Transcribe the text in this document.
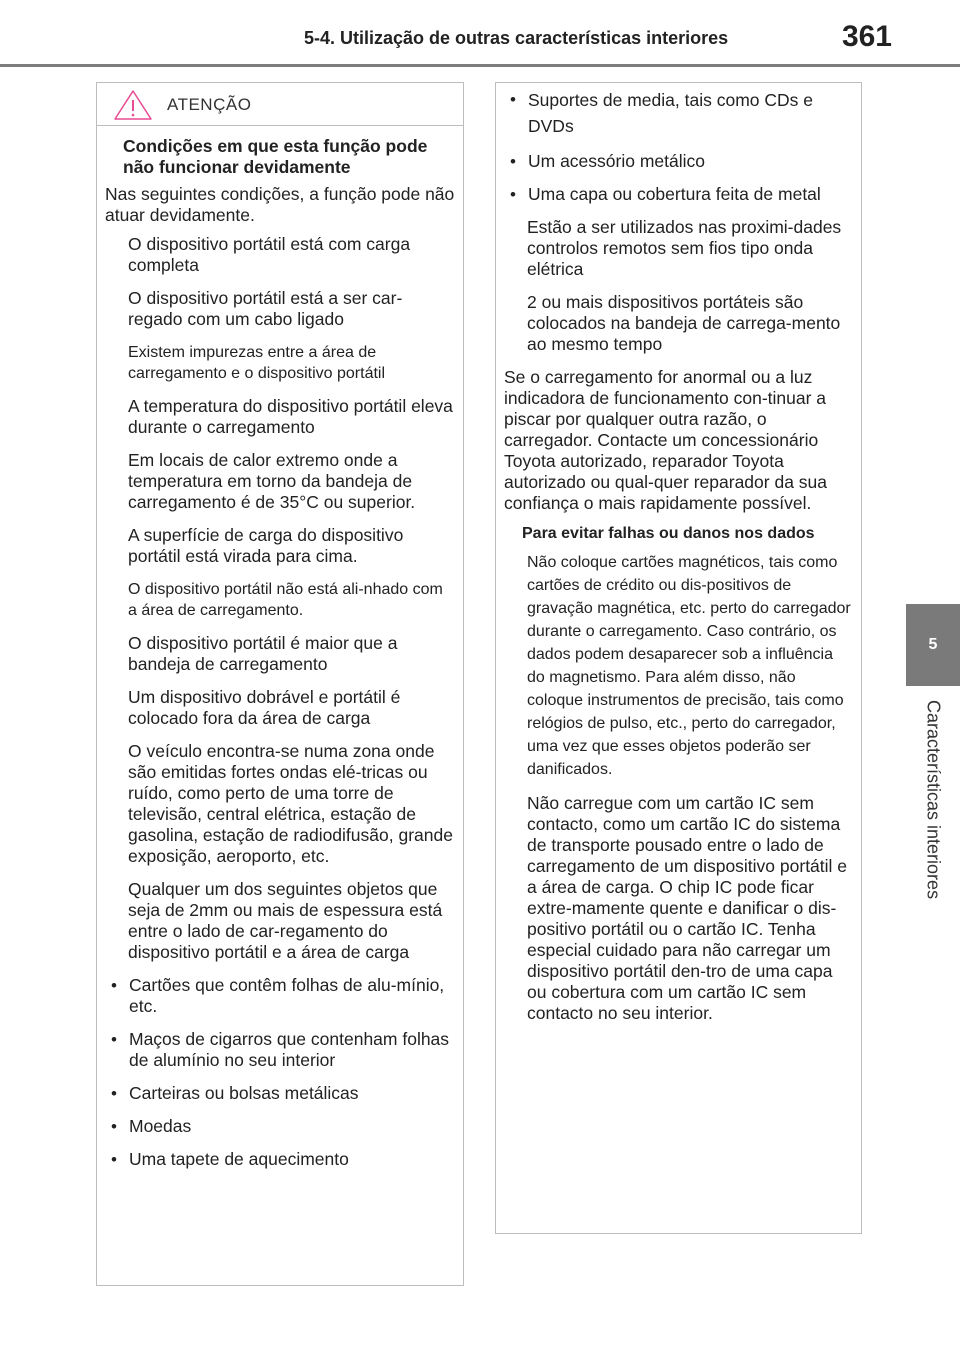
5-4. Utilização de outras características interiores	361
5
Características interiores
ATENÇÃO
Condições em que esta função pode não funcionar devidamente
Nas seguintes condições, a função pode não atuar devidamente.
O dispositivo portátil está com carga completa
O dispositivo portátil está a ser car-regado com um cabo ligado
Existem impurezas entre a área de carregamento e o dispositivo portátil
A temperatura do dispositivo portátil eleva durante o carregamento
Em locais de calor extremo onde a temperatura em torno da bandeja de carregamento é de 35°C ou superior.
A superfície de carga do dispositivo portátil está virada para cima.
O dispositivo portátil não está ali-nhado com a área de carregamento.
O dispositivo portátil é maior que a bandeja de carregamento
Um dispositivo dobrável e portátil é colocado fora da área de carga
O veículo encontra-se numa zona onde são emitidas fortes ondas elé-tricas ou ruído, como perto de uma torre de televisão, central elétrica, estação de gasolina, estação de radiodifusão, grande exposição, aeroporto, etc.
Qualquer um dos seguintes objetos que seja de 2mm ou mais de espessura está entre o lado de car-regamento do dispositivo portátil e a área de carga
• Cartões que contêm folhas de alu-mínio, etc.
• Maços de cigarros que contenham folhas de alumínio no seu interior
• Carteiras ou bolsas metálicas
• Moedas
• Uma tapete de aquecimento
• Suportes de media, tais como CDs e DVDs
• Um acessório metálico
• Uma capa ou cobertura feita de metal
Estão a ser utilizados nas proximi-dades controlos remotos sem fios tipo onda elétrica
2 ou mais dispositivos portáteis são colocados na bandeja de carrega-mento ao mesmo tempo
Se o carregamento for anormal ou a luz indicadora de funcionamento con-tinuar a piscar por qualquer outra razão, o carregador. Contacte um concessionário Toyota autorizado, reparador Toyota autorizado ou qual-quer reparador da sua confiança o mais rapidamente possível.
Para evitar falhas ou danos nos dados
Não coloque cartões magnéticos, tais como cartões de crédito ou dis-positivos de gravação magnética, etc. perto do carregador durante o carregamento. Caso contrário, os dados podem desaparecer sob a influência do magnetismo. Para além disso, não coloque instrumentos de precisão, tais como relógios de pulso, etc., perto do carregador, uma vez que esses objetos poderão ser danificados.
Não carregue com um cartão IC sem contacto, como um cartão IC do sistema de transporte pousado entre o lado de carregamento de um dispositivo portátil e a área de carga. O chip IC pode ficar extre-mamente quente e danificar o dis-positivo portátil ou o cartão IC. Tenha especial cuidado para não carregar um dispositivo portátil den-tro de uma capa ou cobertura com um cartão IC sem contacto no seu interior.
